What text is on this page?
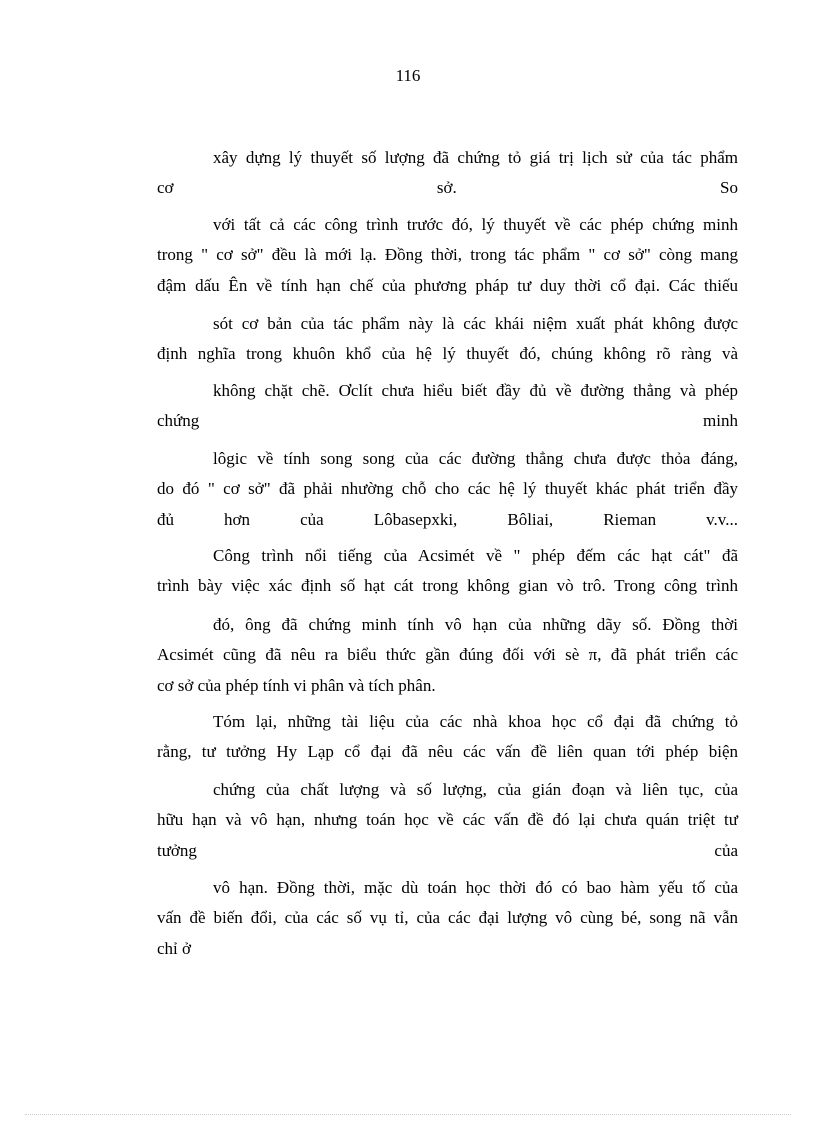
116
xây dựng lý thuyết số lượng đã chứng tỏ giá trị lịch sử của tác phẩm
cơ	sở.	So
với tất cả các công trình trước đó, lý thuyết về các phép chứng minh
trong " cơ sở" đều là mới lạ. Đồng thời, trong tác phẩm " cơ sở" còng mang
đậm dấu Ên về tính hạn chế của phương pháp tư duy thời cổ đại. Các thiếu
sót cơ bản của tác phẩm này là các khái niệm xuất phát không được
định nghĩa trong khuôn khổ của hệ lý thuyết đó, chúng không rõ ràng và
không chặt chẽ. Ơclít chưa hiểu biết đầy đủ về đường thẳng và phép
chứng	minh
lôgic về tính song song của các đường thẳng chưa được thỏa đáng,
do đó " cơ sở" đã phải nhường chỗ cho các hệ lý thuyết khác phát triển đầy
đủ	hơn	của	Lôbasepxki,	Bôliai,	Rieman	v.v...
Công trình nổi tiếng của Acsimét về " phép đếm các hạt cát" đã
trình bày việc xác định số hạt cát trong không gian vò trô. Trong công trình
đó, ông đã chứng minh tính vô hạn của những dãy số. Đồng thời
Acsimét cũng đã nêu ra biểu thức gần đúng đối với sè π, đã phát triển các
cơ sở của phép tính vi phân và tích phân.
Tóm lại, những tài liệu của các nhà khoa học cổ đại đã chứng tỏ
rằng, tư tưởng Hy Lạp cổ đại đã nêu các vấn đề liên quan tới phép biện
chứng của chất lượng và số lượng, của gián đoạn và liên tục, của
hữu hạn và vô hạn, nhưng toán học về các vấn đề đó lại chưa quán triệt tư
tưởng	của
vô hạn. Đồng thời, mặc dù toán học thời đó có bao hàm yếu tố của
vấn đề biến đổi, của các số vụ tỉ, của các đại lượng vô cùng bé, song nã vẫn
chỉ ở
